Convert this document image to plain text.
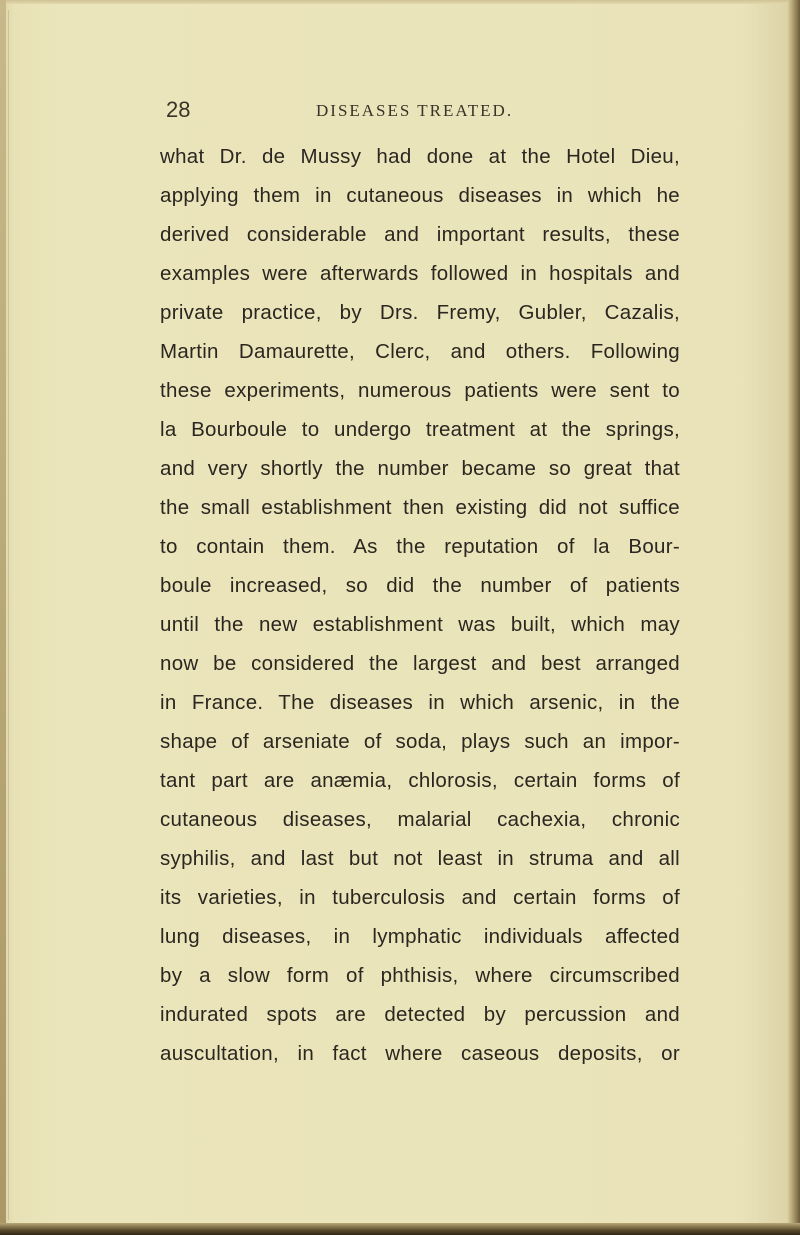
28	DISEASES TREATED.
what Dr. de Mussy had done at the Hotel Dieu,
applying them in cutaneous diseases in which he
derived considerable and important results, these
examples were afterwards followed in hospitals and
private practice, by Drs. Fremy, Gubler, Cazalis,
Martin Damaurette, Clerc, and others. Following
these experiments, numerous patients were sent to
la Bourboule to undergo treatment at the springs,
and very shortly the number became so great that
the small establishment then existing did not suffice
to contain them. As the reputation of la Bour-
boule increased, so did the number of patients
until the new establishment was built, which may
now be considered the largest and best arranged
in France. The diseases in which arsenic, in the
shape of arseniate of soda, plays such an impor-
tant part are anæmia, chlorosis, certain forms of
cutaneous diseases, malarial cachexia, chronic
syphilis, and last but not least in struma and all
its varieties, in tuberculosis and certain forms of
lung diseases, in lymphatic individuals affected
by a slow form of phthisis, where circumscribed
indurated spots are detected by percussion and
auscultation, in fact where caseous deposits, or
